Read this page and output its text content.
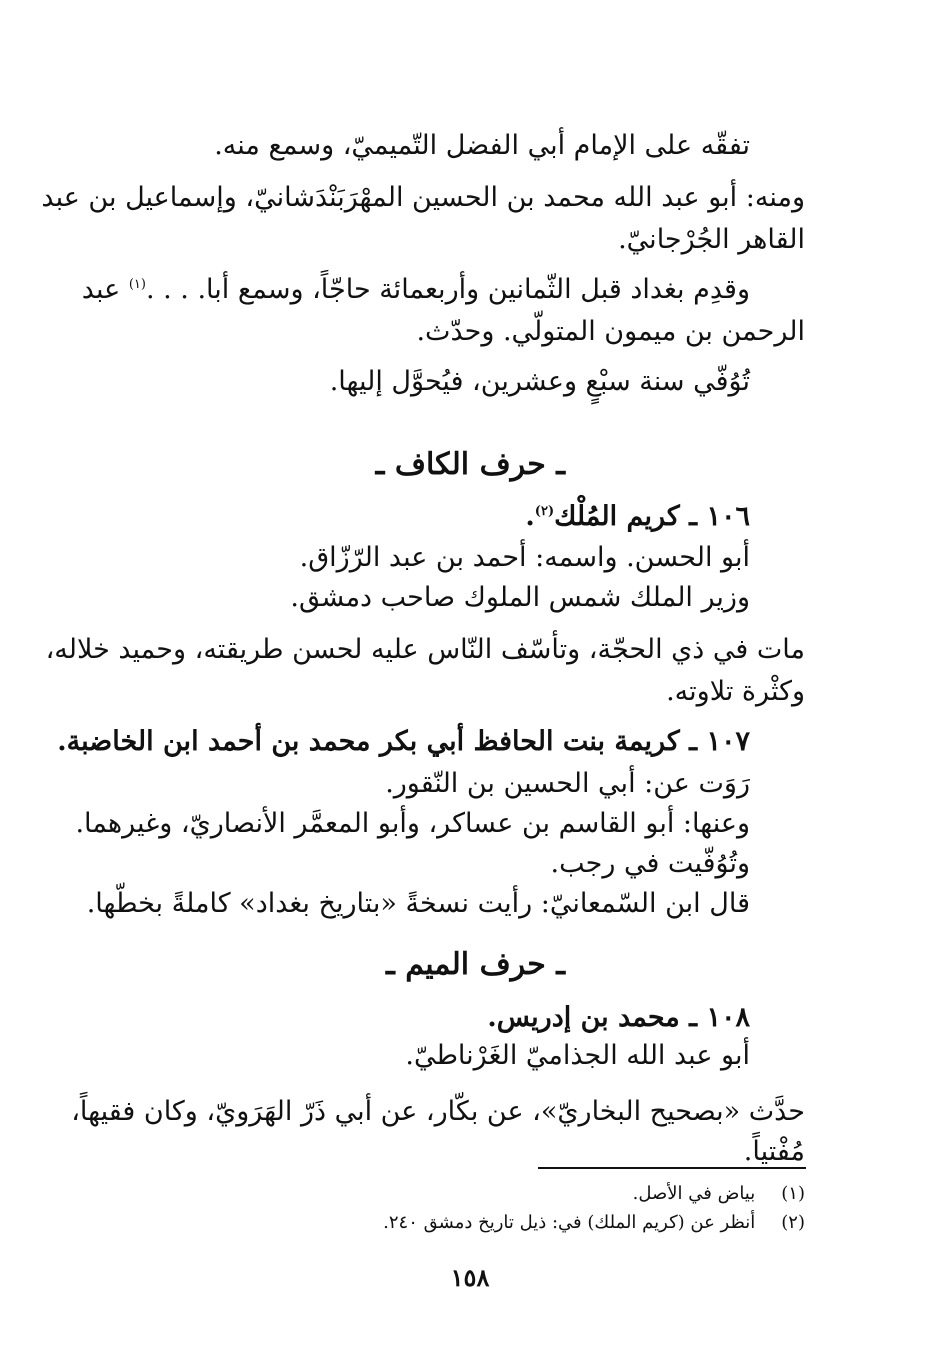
تفقّه على الإمام أبي الفضل التّميميّ، وسمع منه.

ومنه: أبو عبد الله محمد بن الحسين المهْرَبَنْدَشانيّ، وإسماعيل بن عبد

القاهر الجُرْجانيّ.

وقدِم بغداد قبل الثّمانين وأربعمائة حاجّاً، وسمع أبا. . . .$^{(١)}$ عبد

الرحمن بن ميمون المتولّي. وحدّث.

تُوُفّي سنة سبْعٍ وعشرين، فيُحوَّل إليها.

ـ حرف الكاف ـ

١٠٦ ـ كريم المُلْك$^{(٢)}$.

أبو الحسن. واسمه: أحمد بن عبد الرّزّاق.

وزير الملك شمس الملوك صاحب دمشق.

مات في ذي الحجّة، وتأسّف النّاس عليه لحسن طريقته، وحميد خلاله،

وكثْرة تلاوته.

١٠٧ ـ كريمة بنت الحافظ أبي بكر محمد بن أحمد ابن الخاضبة.

رَوَت عن: أبي الحسين بن النّقور.

وعنها: أبو القاسم بن عساكر، وأبو المعمَّر الأنصاريّ، وغيرهما.

وتُوُفّيت في رجب.

قال ابن السّمعانيّ: رأيت نسخةً «بتاريخ بغداد» كاملةً بخطّها.

ـ حرف الميم ـ

١٠٨ ـ محمد بن إدريس.

أبو عبد الله الجذاميّ الغَرْناطيّ.

حدَّث «بصحيح البخاريّ»، عن بكّار، عن أبي ذَرّ الهَرَويّ، وكان فقيهاً،

مُفْتياً.

(١) بياض في الأصل.
(٢) أنظر عن (كريم الملك) في: ذيل تاريخ دمشق ٢٤٠.
١٥٨
